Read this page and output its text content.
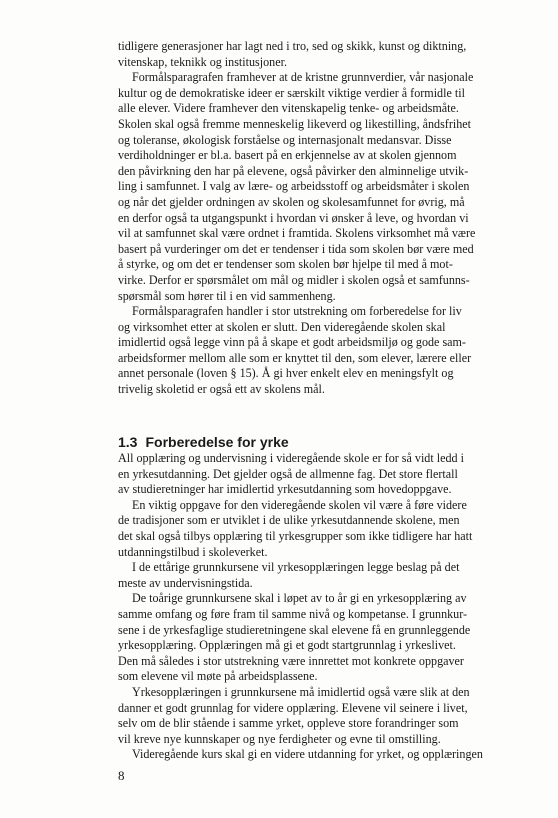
tidligere generasjoner har lagt ned i tro, sed og skikk, kunst og diktning,
vitenskap, teknikk og institusjoner.

Formålsparagrafen framhever at de kristne grunnverdier, vår nasjonale
kultur og de demokratiske ideer er særskilt viktige verdier å formidle til
alle elever. Videre framhever den vitenskapelig tenke- og arbeidsmåte.
Skolen skal også fremme menneskelig likeverd og likestilling, åndsfrihet
og toleranse, økologisk forståelse og internasjonalt medansvar. Disse
verdiholdninger er bl.a. basert på en erkjennelse av at skolen gjennom
den påvirkning den har på elevene, også påvirker den alminnelige utvik-
ling i samfunnet. I valg av lære- og arbeidsstoff og arbeidsmåter i skolen
og når det gjelder ordningen av skolen og skolesamfunnet for øvrig, må
en derfor også ta utgangspunkt i hvordan vi ønsker å leve, og hvordan vi
vil at samfunnet skal være ordnet i framtida. Skolens virksomhet må være
basert på vurderinger om det er tendenser i tida som skolen bør være med
å styrke, og om det er tendenser som skolen bør hjelpe til med å mot-
virke. Derfor er spørsmålet om mål og midler i skolen også et samfunns-
spørsmål som hører til i en vid sammenheng.

Formålsparagrafen handler i stor utstrekning om forberedelse for liv
og virksomhet etter at skolen er slutt. Den videregående skolen skal
imidlertid også legge vinn på å skape et godt arbeidsmiljø og gode sam-
arbeidsformer mellom alle som er knyttet til den, som elever, lærere eller
annet personale (loven § 15). Å gi hver enkelt elev en meningsfylt og
trivelig skoletid er også ett av skolens mål.

1.3 Forberedelse for yrke

All opplæring og undervisning i videregående skole er for så vidt ledd i
en yrkesutdanning. Det gjelder også de allmenne fag. Det store flertall
av studieretninger har imidlertid yrkesutdanning som hovedoppgave.

En viktig oppgave for den videregående skolen vil være å føre videre
de tradisjoner som er utviklet i de ulike yrkesutdannende skolene, men
det skal også tilbys opplæring til yrkesgrupper som ikke tidligere har hatt
utdanningstilbud i skoleverket.

I de ettårige grunnkursene vil yrkesopplæringen legge beslag på det
meste av undervisningstida.

De toårige grunnkursene skal i løpet av to år gi en yrkesopplæring av
samme omfang og føre fram til samme nivå og kompetanse. I grunnkur-
sene i de yrkesfaglige studieretningene skal elevene få en grunnleggende
yrkesopplæring. Opplæringen må gi et godt startgrunnlag i yrkeslivet.
Den må således i stor utstrekning være innrettet mot konkrete oppgaver
som elevene vil møte på arbeidsplassene.

Yrkesopplæringen i grunnkursene må imidlertid også være slik at den
danner et godt grunnlag for videre opplæring. Elevene vil seinere i livet,
selv om de blir stående i samme yrket, oppleve store forandringer som
vil kreve nye kunnskaper og nye ferdigheter og evne til omstilling.

Videregående kurs skal gi en videre utdanning for yrket, og opplæringen

8
